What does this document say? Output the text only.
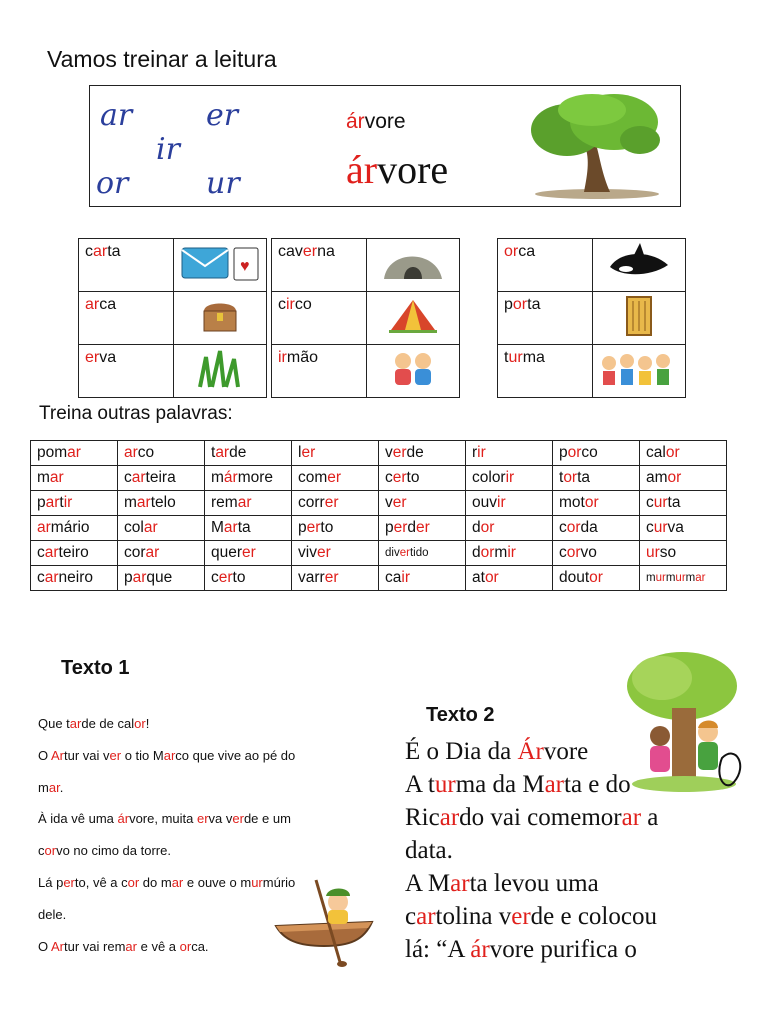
Vamos treinar a leitura
ar er
ir
or	ur
árvore
árvore
carta	♥

arca	
erva	
caverna	
circo	
irmão	
orca	
porta	
turma	
Treina outras palavras:
pomar	arco	tarde	ler	verde	rir	porco	calor
mar	carteira	mármore	comer	certo	colorir	torta	amor
partir	martelo	remar	correr	ver	ouvir	motor	curta
armário	colar	Marta	perto	perder	dor	corda	curva
carteiro	corar	querer	viver	divertido	dormir	corvo	urso
carneiro	parque	certo	varrer	cair	ator	doutor	murmurmar
Texto 1
Que tarde de calor!
O Artur vai ver o tio Marco que vive ao pé do
mar.
À ida vê uma árvore, muita erva verde e um
corvo no cimo da torre.
Lá perto, vê a cor do mar e ouve o murmúrio
dele.
O Artur vai remar e vê a orca.
Texto 2
É o Dia da Árvore
A turma da Marta e do
Ricardo vai comemorar a
data.
A Marta levou uma
cartolina verde e colocou
lá: “A árvore purifica o
